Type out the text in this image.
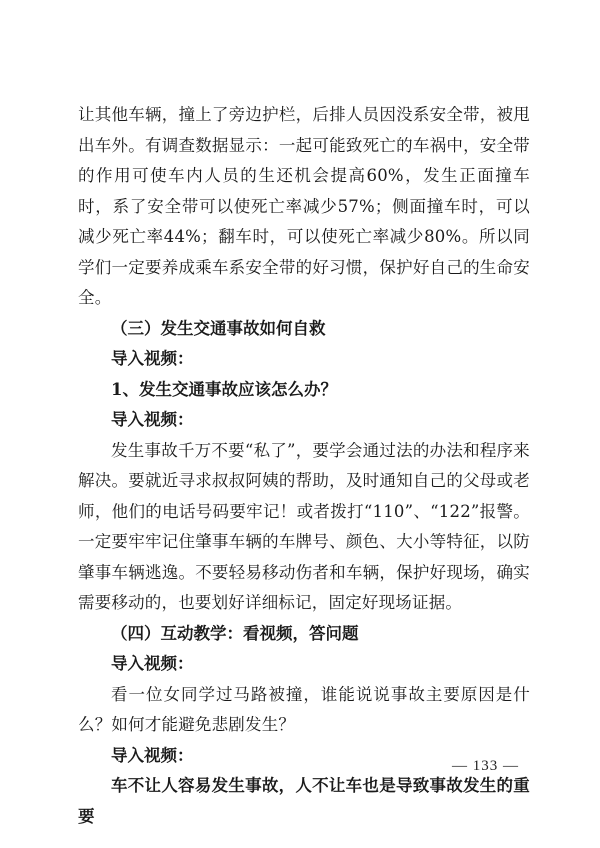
让其他车辆，撞上了旁边护栏，后排人员因没系安全带，被甩出车外。有调查数据显示：一起可能致死亡的车祸中，安全带的作用可使车内人员的生还机会提高60%，发生正面撞车时，系了安全带可以使死亡率减少57%；侧面撞车时，可以减少死亡率44%；翻车时，可以使死亡率减少80%。所以同学们一定要养成乘车系安全带的好习惯，保护好自己的生命安全。

（三）发生交通事故如何自救

导入视频：

1、发生交通事故应该怎么办？

导入视频：

发生事故千万不要“私了”，要学会通过法的办法和程序来解决。要就近寻求叔叔阿姨的帮助，及时通知自己的父母或老师，他们的电话号码要牢记！或者拨打“110”、“122”报警。一定要牢牢记住肇事车辆的车牌号、颜色、大小等特征，以防肇事车辆逃逸。不要轻易移动伤者和车辆，保护好现场，确实需要移动的，也要划好详细标记，固定好现场证据。

（四）互动教学：看视频，答问题

导入视频：

看一位女同学过马路被撞，谁能说说事故主要原因是什么？如何才能避免悲剧发生？

导入视频：

车不让人容易发生事故，人不让车也是导致事故发生的重要

— 133 —
